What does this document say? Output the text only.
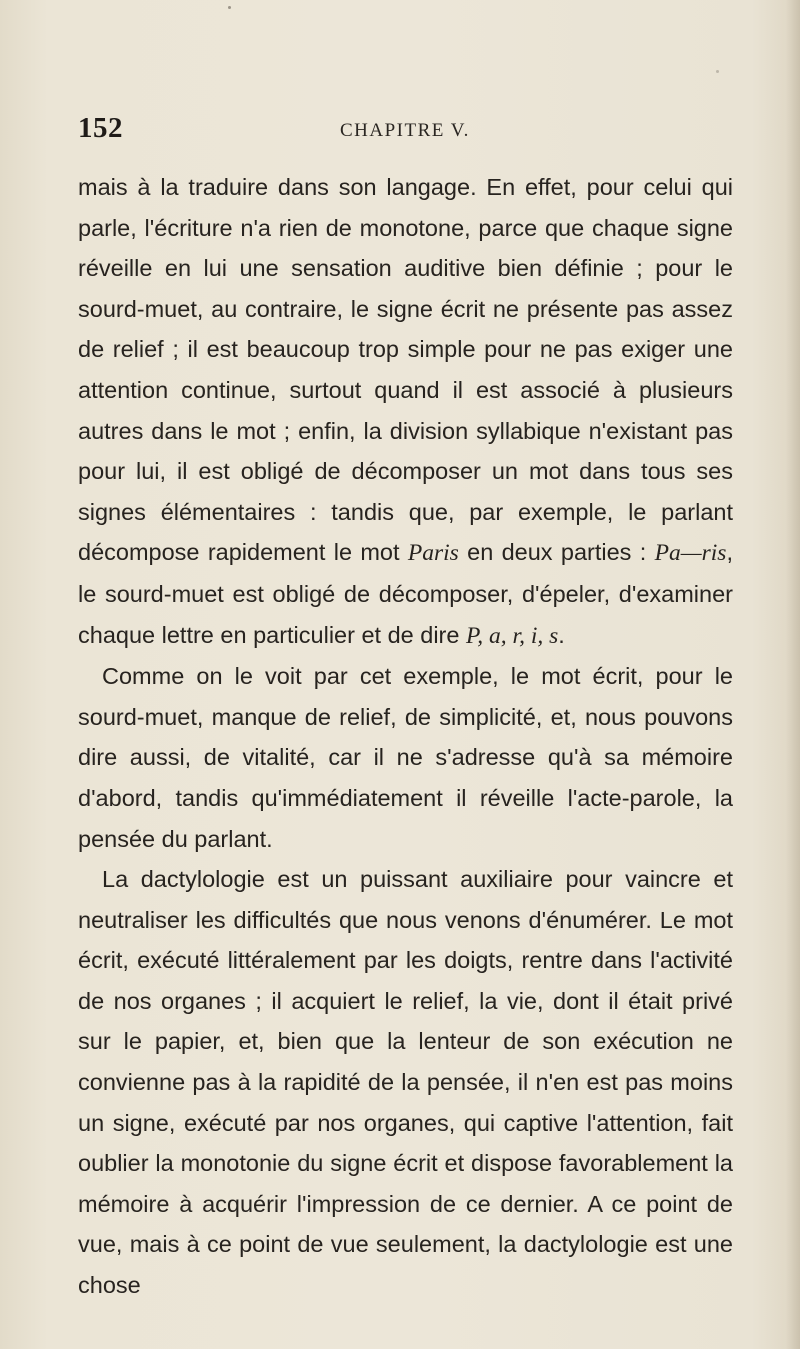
152	CHAPITRE V.

mais à la traduire dans son langage. En effet, pour celui qui parle, l'écriture n'a rien de monotone, parce que chaque signe réveille en lui une sensation auditive bien définie ; pour le sourd-muet, au contraire, le signe écrit ne présente pas assez de relief ; il est beaucoup trop simple pour ne pas exiger une attention continue, surtout quand il est associé à plusieurs autres dans le mot ; enfin, la division syllabique n'existant pas pour lui, il est obligé de décomposer un mot dans tous ses signes élémentaires : tandis que, par exemple, le parlant décompose rapidement le mot Paris en deux parties : Pa—ris, le sourd-muet est obligé de décomposer, d'épeler, d'examiner chaque lettre en particulier et de dire P, a, r, i, s.

Comme on le voit par cet exemple, le mot écrit, pour le sourd-muet, manque de relief, de simplicité, et, nous pouvons dire aussi, de vitalité, car il ne s'adresse qu'à sa mémoire d'abord, tandis qu'immédiatement il réveille l'acte-parole, la pensée du parlant.

La dactylologie est un puissant auxiliaire pour vaincre et neutraliser les difficultés que nous venons d'énumérer. Le mot écrit, exécuté littéralement par les doigts, rentre dans l'activité de nos organes ; il acquiert le relief, la vie, dont il était privé sur le papier, et, bien que la lenteur de son exécution ne convienne pas à la rapidité de la pensée, il n'en est pas moins un signe, exécuté par nos organes, qui captive l'attention, fait oublier la monotonie du signe écrit et dispose favorablement la mémoire à acquérir l'impression de ce dernier. A ce point de vue, mais à ce point de vue seulement, la dactylologie est une chose
